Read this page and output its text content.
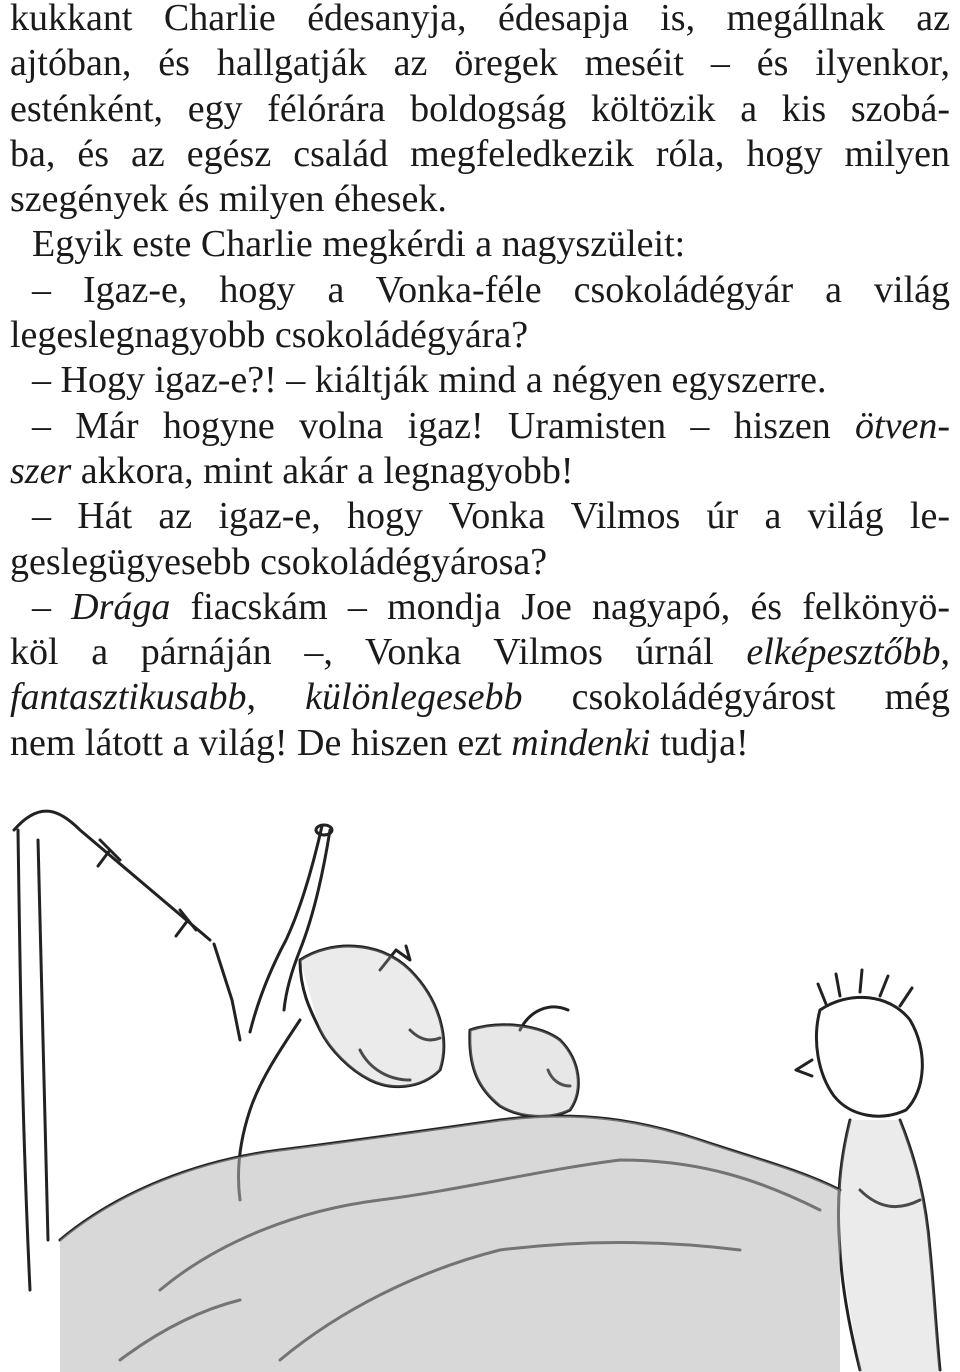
kukkant Charlie édesanyja, édesapja is, megállnak az
ajtóban, és hallgatják az öregek meséit – és ilyenkor,
esténként, egy félórára boldogság költözik a kis szobá-
ba, és az egész család megfeledkezik róla, hogy milyen
szegények és milyen éhesek.
Egyik este Charlie megkérdi a nagyszüleit:
– Igaz-e, hogy a Vonka-féle csokoládégyár a világ
legeslegnagyobb csokoládégyára?
– Hogy igaz-e?! – kiáltják mind a négyen egyszerre.
– Már hogyne volna igaz! Uramisten – hiszen ötven-
szer akkora, mint akár a legnagyobb!
– Hát az igaz-e, hogy Vonka Vilmos úr a világ le-
geslegügyesebb csokoládégyárosa?
– Drága fiacskám – mondja Joe nagyapó, és felkönyö-
köl a párnáján –, Vonka Vilmos úrnál elképesztőbb,
fantasztikusabb, különlegesebb csokoládégyárost még
nem látott a világ! De hiszen ezt mindenki tudja!
